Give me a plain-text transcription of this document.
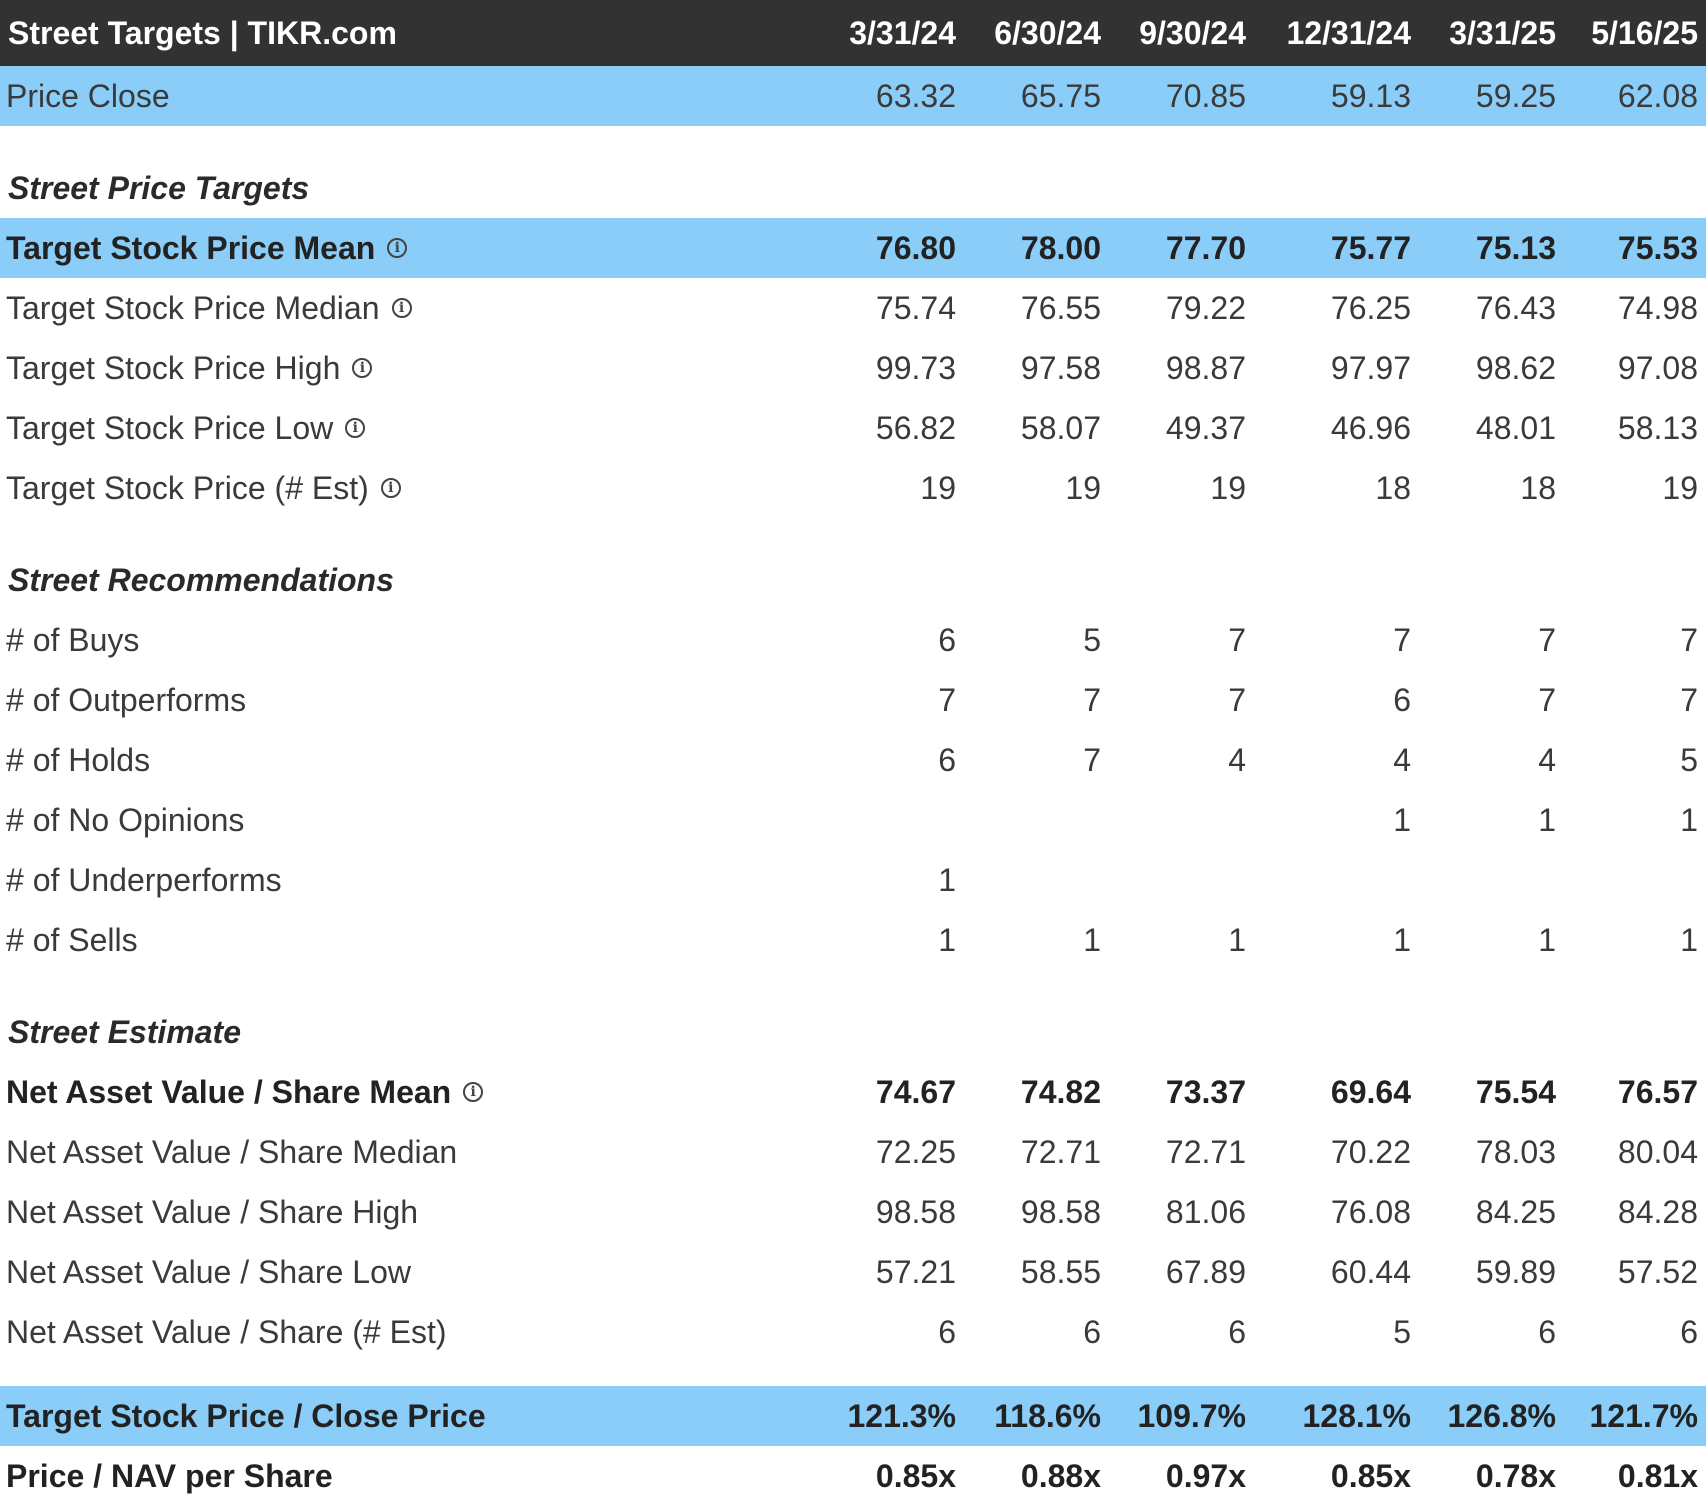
Street Targets | TIKR.com	3/31/24	6/30/24	9/30/24	12/31/24	3/31/25	5/16/25
Price Close	63.32	65.75	70.85	59.13	59.25	62.08

Street Price Targets						
Target Stock Price Mean i	76.80	78.00	77.70	75.77	75.13	75.53
Target Stock Price Median i	75.74	76.55	79.22	76.25	76.43	74.98
Target Stock Price High i	99.73	97.58	98.87	97.97	98.62	97.08
Target Stock Price Low i	56.82	58.07	49.37	46.96	48.01	58.13
Target Stock Price (# Est) i	19	19	19	18	18	19

Street Recommendations						
# of Buys	6	5	7	7	7	7
# of Outperforms	7	7	7	6	7	7
# of Holds	6	7	4	4	4	5
# of No Opinions				1	1	1
# of Underperforms	1					
# of Sells	1	1	1	1	1	1

Street Estimate						
Net Asset Value / Share Mean i	74.67	74.82	73.37	69.64	75.54	76.57
Net Asset Value / Share Median	72.25	72.71	72.71	70.22	78.03	80.04
Net Asset Value / Share High	98.58	98.58	81.06	76.08	84.25	84.28
Net Asset Value / Share Low	57.21	58.55	67.89	60.44	59.89	57.52
Net Asset Value / Share (# Est)	6	6	6	5	6	6

Target Stock Price / Close Price	121.3%	118.6%	109.7%	128.1%	126.8%	121.7%
Price / NAV per Share	0.85x	0.88x	0.97x	0.85x	0.78x	0.81x
